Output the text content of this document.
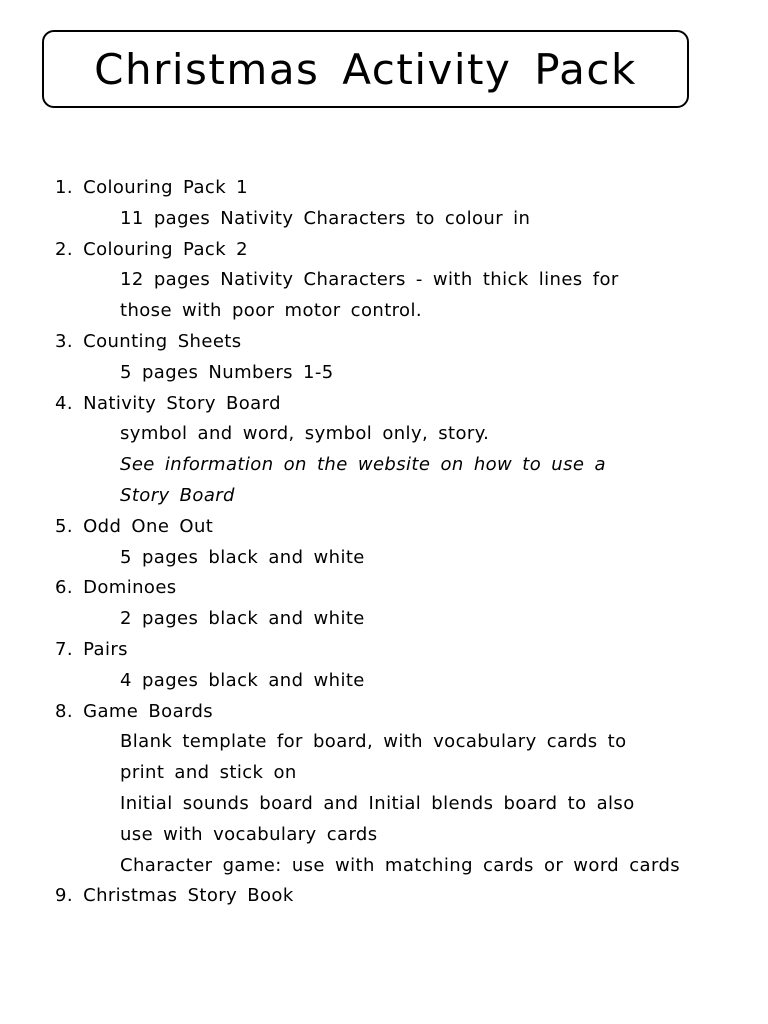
Christmas Activity Pack
1. Colouring Pack 1
11 pages Nativity Characters to colour in
2. Colouring Pack 2
12 pages Nativity Characters - with thick lines for
those with poor motor control.
3. Counting Sheets
5 pages Numbers 1-5
4. Nativity Story Board
symbol and word, symbol only, story.
See information on the website on how to use a
Story Board
5. Odd One Out
5 pages black and white
6. Dominoes
2 pages black and white
7. Pairs
4 pages black and white
8. Game Boards
Blank template for board, with vocabulary cards to
print and stick on
Initial sounds board and Initial blends board to also
use with vocabulary cards
Character game: use with matching cards or word cards
9. Christmas Story Book
